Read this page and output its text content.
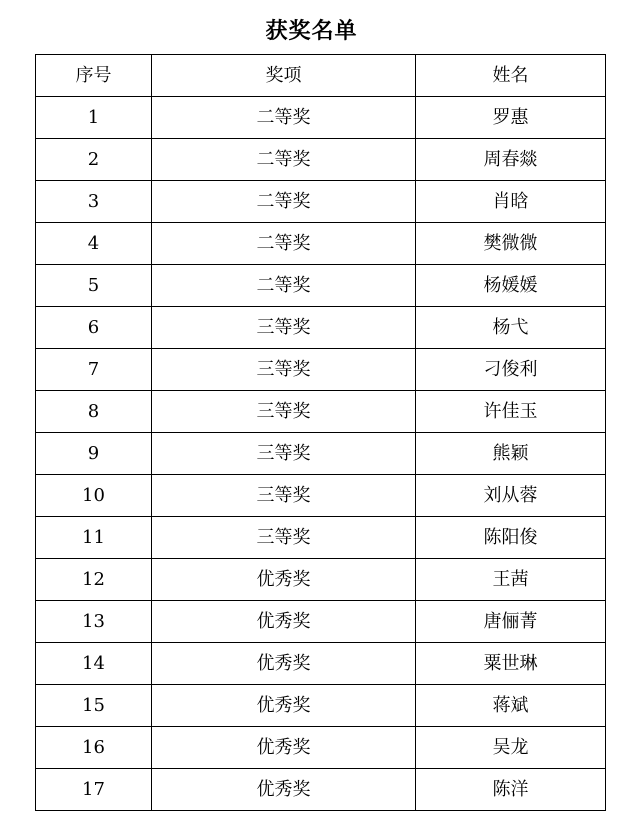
获奖名单
序号	奖项	姓名
1	二等奖	罗惠
2	二等奖	周春燚
3	二等奖	肖晗
4	二等奖	樊微微
5	二等奖	杨媛媛
6	三等奖	杨弋
7	三等奖	刁俊利
8	三等奖	许佳玉
9	三等奖	熊颖
10	三等奖	刘从蓉
11	三等奖	陈阳俊
12	优秀奖	王茜
13	优秀奖	唐俪菁
14	优秀奖	粟世琳
15	优秀奖	蒋斌
16	优秀奖	吴龙
17	优秀奖	陈洋
